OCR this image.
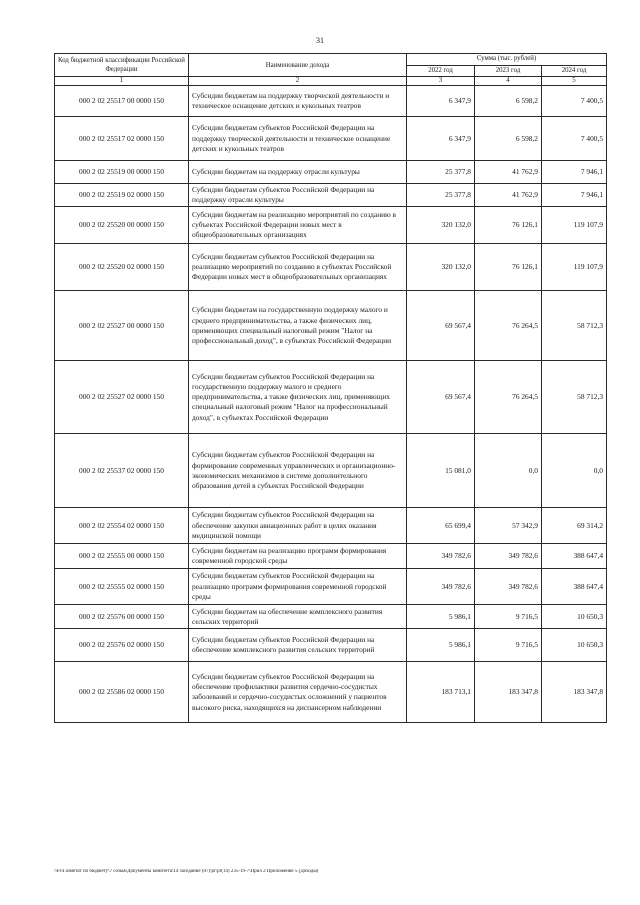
31
Код бюджетной классификации Российской Федерации	Наименование дохода	Сумма (тыс. рублей)		
		2022 год	2023 год	2024 год
1	2	3	4	5
000 2 02 25517 00 0000 150	Субсидии бюджетам на поддержку творческой деятельности и техническое оснащение детских и кукольных театров	6 347,9	6 598,2	7 400,5
000 2 02 25517 02 0000 150	Субсидии бюджетам субъектов Российской Федерации на поддержку творческой деятельности и техническое оснащение детских и кукольных театров	6 347,9	6 598,2	7 400,5
000 2 02 25519 00 0000 150	Субсидии бюджетам на поддержку отрасли культуры	25 377,8	41 762,9	7 946,1
000 2 02 25519 02 0000 150	Субсидии бюджетам субъектов Российской Федерации на поддержку отрасли культуры	25 377,8	41 762,9	7 946,1
000 2 02 25520 00 0000 150	Субсидии бюджетам на реализацию мероприятий по созданию в субъектах Российской Федерации новых мест в общеобразовательных организациях	320 132,0	76 126,1	119 107,9
000 2 02 25520 02 0000 150	Субсидии бюджетам субъектов Российской Федерации на реализацию мероприятий по созданию в субъектах Российской Федерации новых мест в общеобразовательных организациях	320 132,0	76 126,1	119 107,9
000 2 02 25527 00 0000 150	Субсидии бюджетам на государственную поддержку малого и среднего предпринимательства, а также физических лиц, применяющих специальный налоговый режим "Налог на профессиональный доход", в субъектах Российской Федерации	69 567,4	76 264,5	58 712,3
000 2 02 25527 02 0000 150	Субсидии бюджетам субъектов Российской Федерации на государственную поддержку малого и среднего предпринимательства, а также физических лиц, применяющих специальный налоговый режим "Налог на профессиональный доход", в субъектах Российской Федерации	69 567,4	76 264,5	58 712,3
000 2 02 25537 02 0000 150	Субсидии бюджетам субъектов Российской Федерации на формирование современных управленческих и организационно-экономических механизмов в системе дополнительного образования детей в субъектах Российской Федерации	15 081,0	0,0	0,0
000 2 02 25554 02 0000 150	Субсидии бюджетам субъектов Российской Федерации на обеспечение закупки авиационных работ в целях оказания медицинской помощи	65 699,4	57 342,9	69 314,2
000 2 02 25555 00 0000 150	Субсидии бюджетам на реализацию программ формирования современной городской среды	349 782,6	349 782,6	388 647,4
000 2 02 25555 02 0000 150	Субсидии бюджетам субъектов Российской Федерации на реализацию программ формирования современной городской среды	349 782,6	349 782,6	388 647,4
000 2 02 25576 00 0000 150	Субсидии бюджетам на обеспечение комплексного развития сельских территорий	5 986,1	9 716,5	10 650,3
000 2 02 25576 02 0000 150	Субсидии бюджетам субъектов Российской Федерации на обеспечение комплексного развития сельских территорий	5 986,1	9 716,5	10 650,3
000 2 02 25586 02 0000 150	Субсидии бюджетам субъектов Российской Федерации на обеспечение профилактики развития сердечно-сосудистых заболеваний и сердечно-сосудистых осложнений у пациентов высокого риска, находящихся на диспансерном наблюдении	183 713,1	183 347,8	183 347,8
\\Fs\Газметат по бюджету\7 созыв\Документы комитета\14 заседание (07)\pr\pr(14) 235-19-7\Прил 2 Приложение 5 (Доходы)
